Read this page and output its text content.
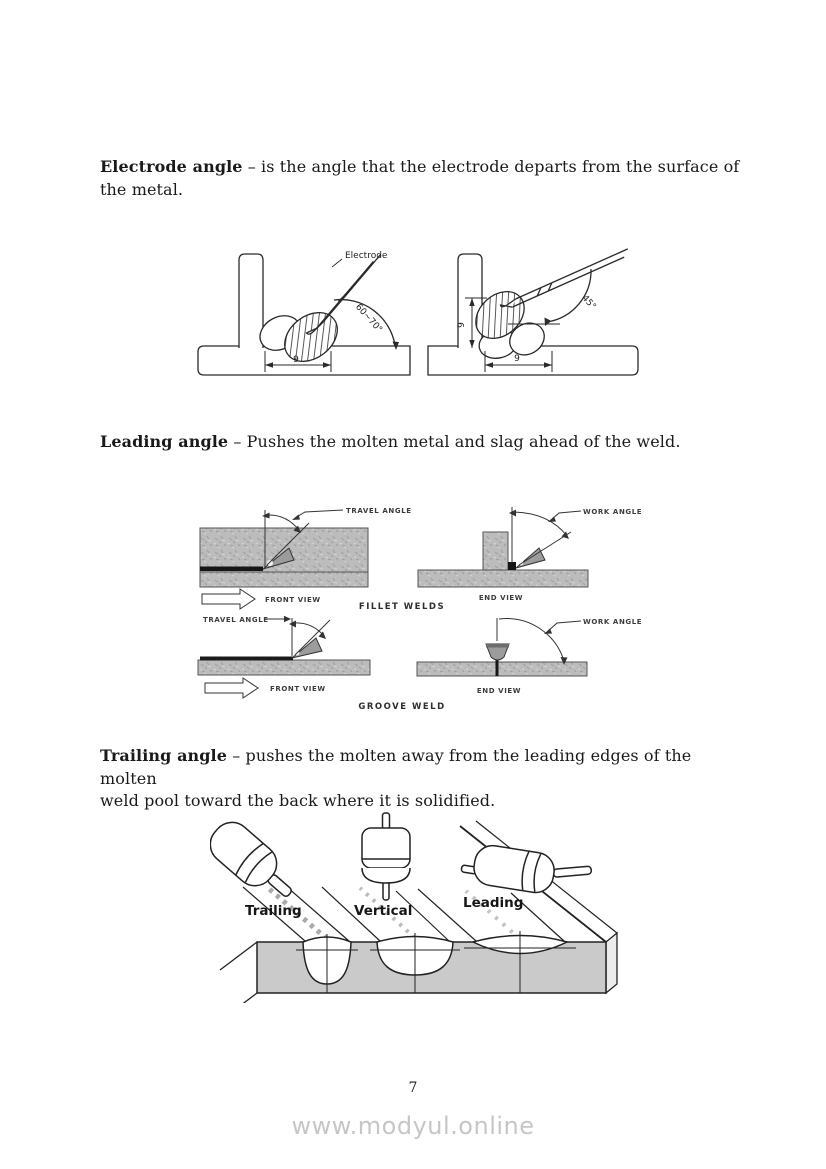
Electrode angle – is the angle that the electrode departs from the surface of
the metal.

Electrode
60~70°
9
45°
9
9

Leading angle – Pushes the molten metal and slag ahead of the weld.

TRAVEL ANGLE
FRONT VIEW
WORK ANGLE
END VIEW
FILLET WELDS
TRAVEL ANGLE
FRONT VIEW
WORK ANGLE
END VIEW
GROOVE WELD

Trailing angle – pushes the molten away from the leading edges of the molten
weld pool toward the back where it is solidified.

Trailing	Vertical	Leading
7
www.modyul.online
